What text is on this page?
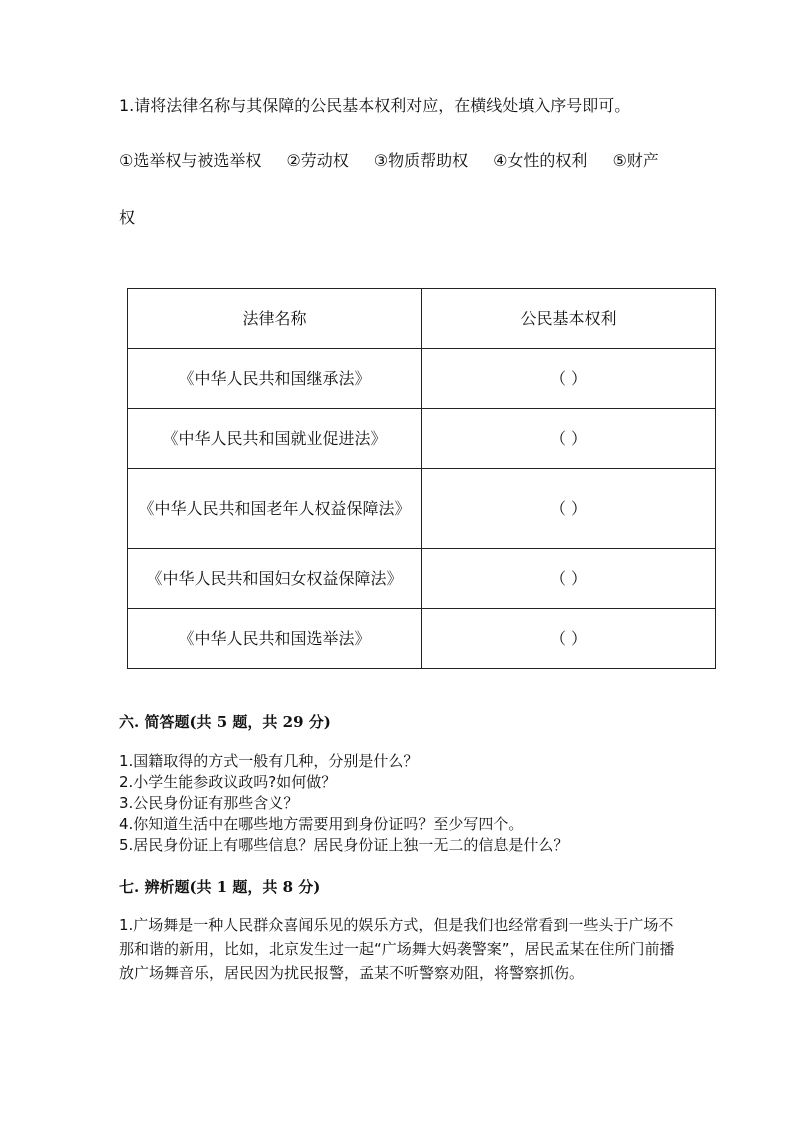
1.请将法律名称与其保障的公民基本权利对应，在横线处填入序号即可。
①选举权与被选举权 ②劳动权 ③物质帮助权 ④女性的权利 ⑤财产
权
法律名称	公民基本权利
《中华人民共和国继承法》	（ ）
《中华人民共和国就业促进法》	（ ）
《中华人民共和国老年人权益保障法》	（ ）
《中华人民共和国妇女权益保障法》	（ ）
《中华人民共和国选举法》	（ ）
六. 简答题(共 5 题，共 29 分)
1.国籍取得的方式一般有几种，分别是什么？
2.小学生能参政议政吗?如何做？
3.公民身份证有那些含义？
4.你知道生活中在哪些地方需要用到身份证吗？至少写四个。
5.居民身份证上有哪些信息？居民身份证上独一无二的信息是什么？
七. 辨析题(共 1 题，共 8 分)
1.广场舞是一种人民群众喜闻乐见的娱乐方式，但是我们也经常看到一些头于广场不那和谐的新用，比如，北京发生过一起“广场舞大妈袭警案”，居民孟某在住所门前播放广场舞音乐，居民因为扰民报警，孟某不听警察劝阻，将警察抓伤。
